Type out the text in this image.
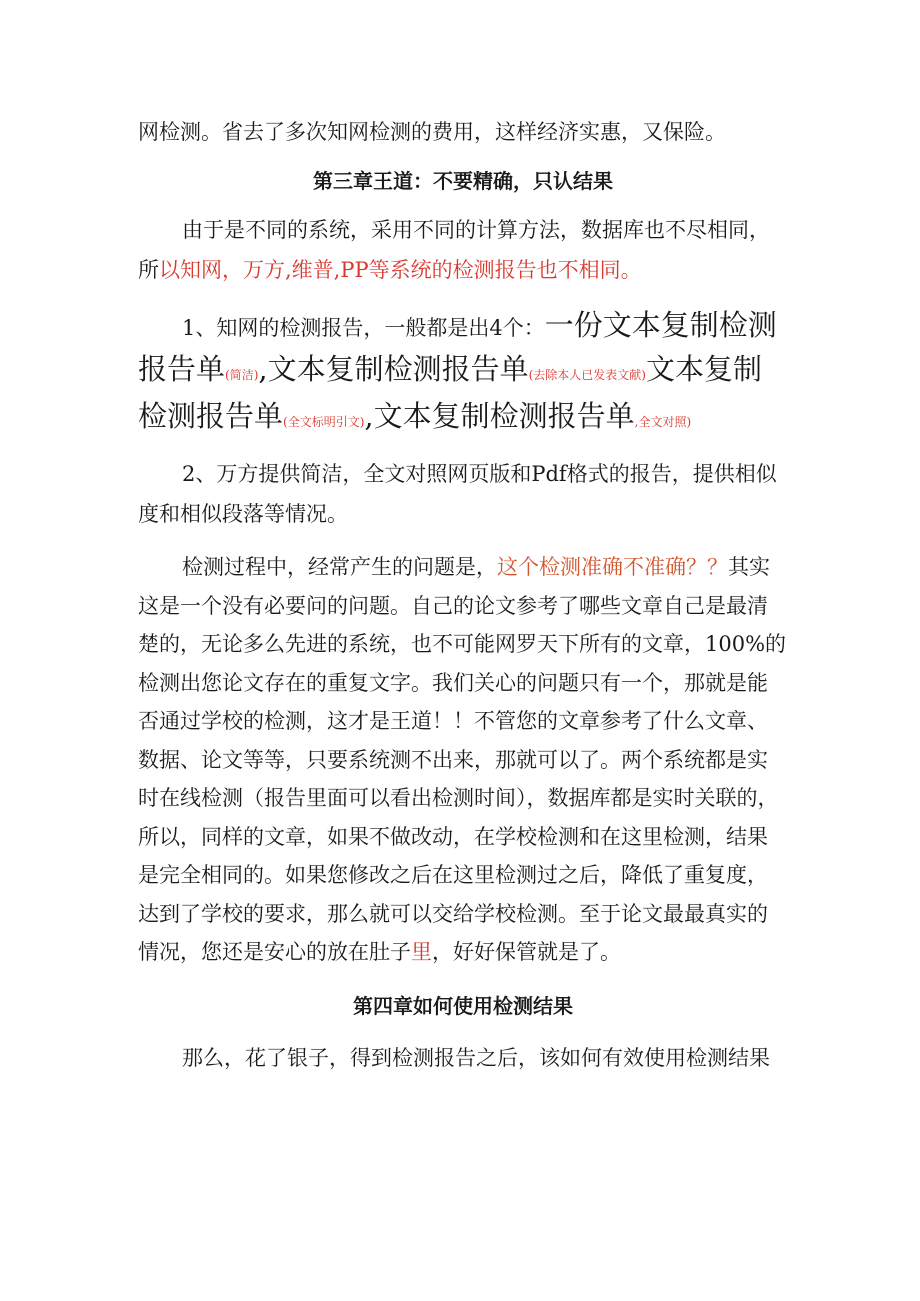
网检测。省去了多次知网检测的费用，这样经济实惠，又保险。

第三章王道：不要精确，只认结果

由于是不同的系统，采用不同的计算方法，数据库也不尽相同，所以知网，万方,维普,PP等系统的检测报告也不相同。

1、知网的检测报告，一般都是出4个：一份文本复制检测报告单(简洁),文本复制检测报告单(去除本人已发表文献)文本复制检测报告单(全文标明引文),文本复制检测报告单,全文对照)

2、万方提供简洁，全文对照网页版和Pdf格式的报告，提供相似度和相似段落等情况。

检测过程中，经常产生的问题是，这个检测准确不准确？？其实这是一个没有必要问的问题。自己的论文参考了哪些文章自己是最清楚的，无论多么先进的系统，也不可能网罗天下所有的文章，100%的检测出您论文存在的重复文字。我们关心的问题只有一个，那就是能否通过学校的检测，这才是王道！！不管您的文章参考了什么文章、数据、论文等等，只要系统测不出来，那就可以了。两个系统都是实时在线检测（报告里面可以看出检测时间），数据库都是实时关联的，所以，同样的文章，如果不做改动，在学校检测和在这里检测，结果是完全相同的。如果您修改之后在这里检测过之后，降低了重复度，达到了学校的要求，那么就可以交给学校检测。至于论文最最真实的情况，您还是安心的放在肚子里，好好保管就是了。

第四章如何使用检测结果

那么，花了银子，得到检测报告之后，该如何有效使用检测结果
